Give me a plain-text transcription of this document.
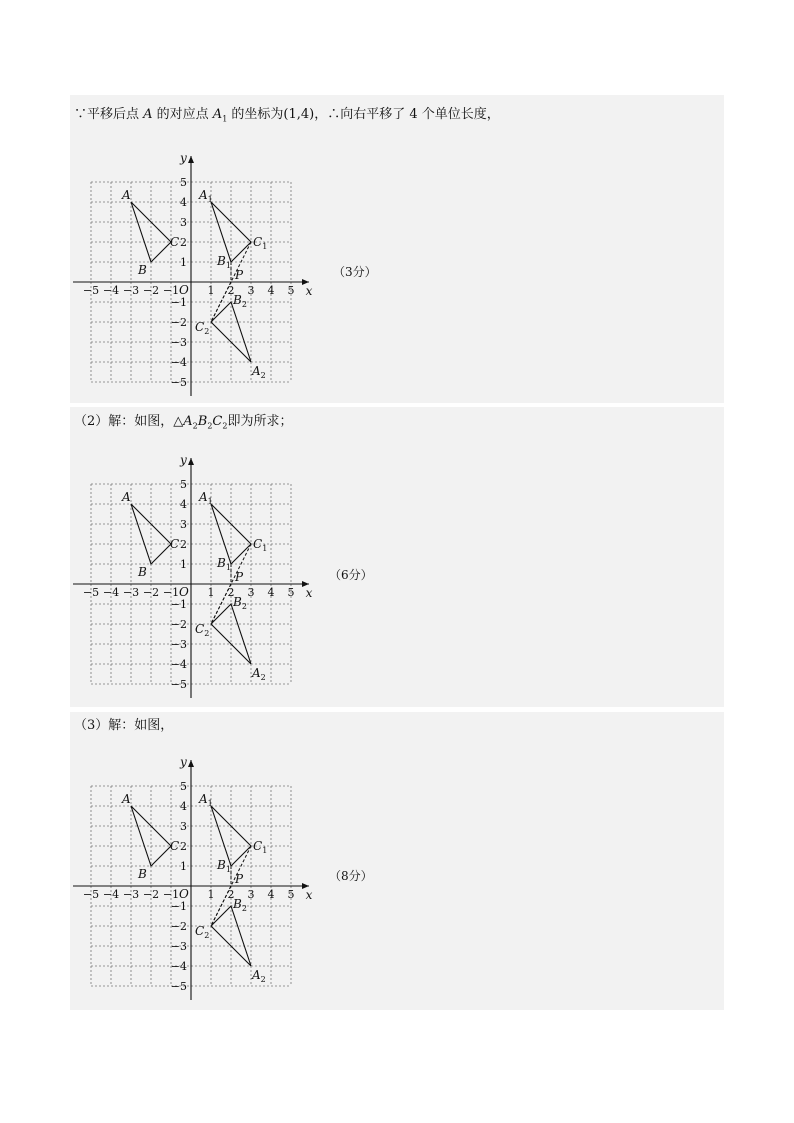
∵平移后点 A 的对应点 $A_1$ 的坐标为(1,4)，∴向右平移了 4 个单位长度，
（2）解：如图，$\triangle A_2B_2C_2$即为所求；
（3）解：如图，
（3分）
（6分）
（8分）
x
y
O
−5 −4 −3 −2 −1	1 2 3 4 5
5
4
3
2
1
−1
−2
−3
−4
−5
A
B
C
$A_1$
$B_1$
$C_1$
$A_2$
$B_2$
$C_2$
P
x
y
O
−5 −4 −3 −2 −1	1 2 3 4 5
5
4
3
2
1
−1
−2
−3
−4
−5
A
B
C
$A_1$
$B_1$
$C_1$
$A_2$
$B_2$
$C_2$
P
x
y
O
−5 −4 −3 −2 −1	1 2 3 4 5
5
4
3
2
1
−1
−2
−3
−4
−5
A
B
C
$A_1$
$B_1$
$C_1$
$A_2$
$B_2$
$C_2$
P
